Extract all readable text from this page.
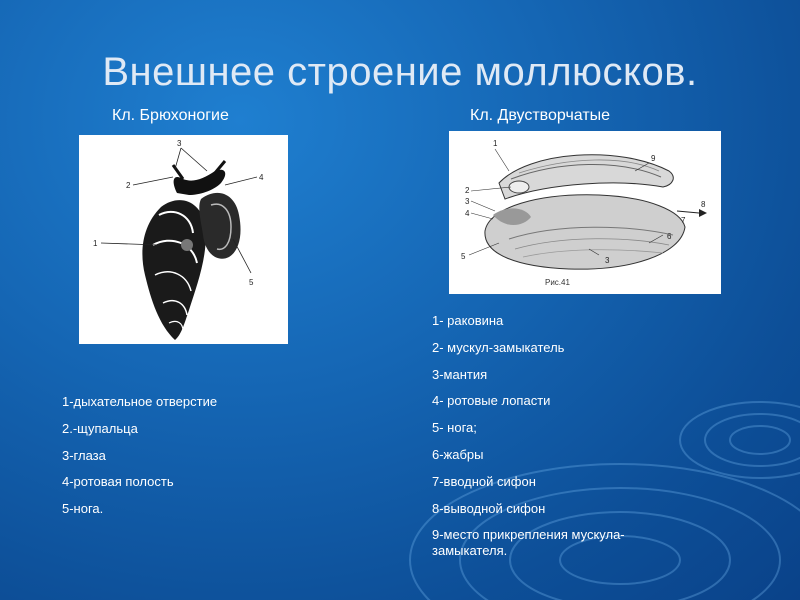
Внешнее строение моллюсков.
Кл. Брюхоногие	Кл. Двустворчатые
3
2
4
1
5
1
2
3
4
5	3
6
7
8
9
Рис.41
1-дыхательное отверстие
2.-щупальца
3-глаза
4-ротовая полость
5-нога.
1- раковина
2- мускул-замыкатель
3-мантия
4- ротовые лопасти
5- нога;
6-жабры
7-вводной сифон
8-выводной сифон
9-место прикрепления мускула-замыкателя.
